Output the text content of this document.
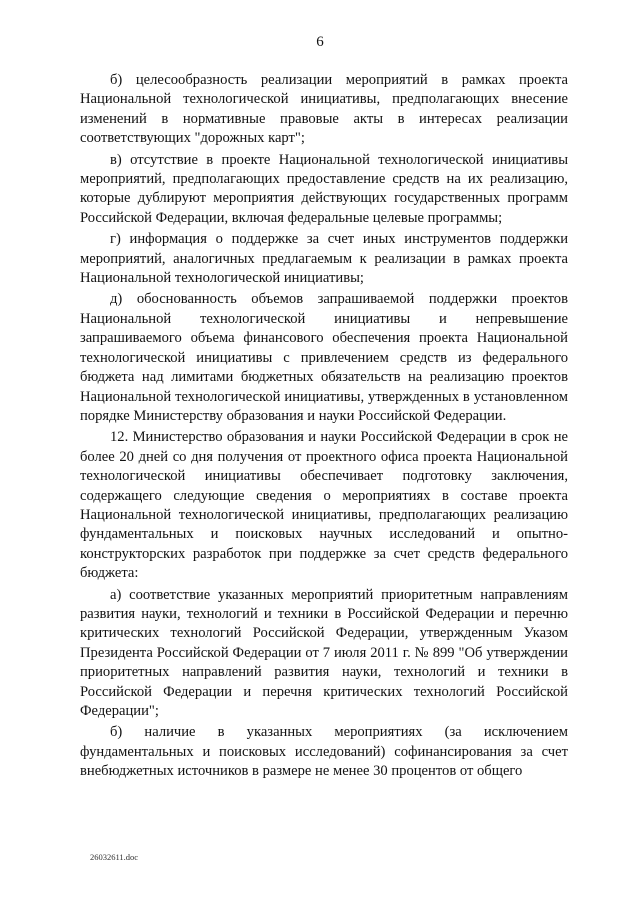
6

б) целесообразность реализации мероприятий в рамках проекта Национальной технологической инициативы, предполагающих внесение изменений в нормативные правовые акты в интересах реализации соответствующих "дорожных карт";

в) отсутствие в проекте Национальной технологической инициативы мероприятий, предполагающих предоставление средств на их реализацию, которые дублируют мероприятия действующих государственных программ Российской Федерации, включая федеральные целевые программы;

г) информация о поддержке за счет иных инструментов поддержки мероприятий, аналогичных предлагаемым к реализации в рамках проекта Национальной технологической инициативы;

д) обоснованность объемов запрашиваемой поддержки проектов Национальной технологической инициативы и непревышение запрашиваемого объема финансового обеспечения проекта Национальной технологической инициативы с привлечением средств из федерального бюджета над лимитами бюджетных обязательств на реализацию проектов Национальной технологической инициативы, утвержденных в установленном порядке Министерству образования и науки Российской Федерации.

12. Министерство образования и науки Российской Федерации в срок не более 20 дней со дня получения от проектного офиса проекта Национальной технологической инициативы обеспечивает подготовку заключения, содержащего следующие сведения о мероприятиях в составе проекта Национальной технологической инициативы, предполагающих реализацию фундаментальных и поисковых научных исследований и опытно-конструкторских разработок при поддержке за счет средств федерального бюджета:

а) соответствие указанных мероприятий приоритетным направлениям развития науки, технологий и техники в Российской Федерации и перечню критических технологий Российской Федерации, утвержденным Указом Президента Российской Федерации от 7 июля 2011 г. № 899 "Об утверждении приоритетных направлений развития науки, технологий и техники в Российской Федерации и перечня критических технологий Российской Федерации";

б) наличие в указанных мероприятиях (за исключением фундаментальных и поисковых исследований) софинансирования за счет внебюджетных источников в размере не менее 30 процентов от общего

26032611.doc
